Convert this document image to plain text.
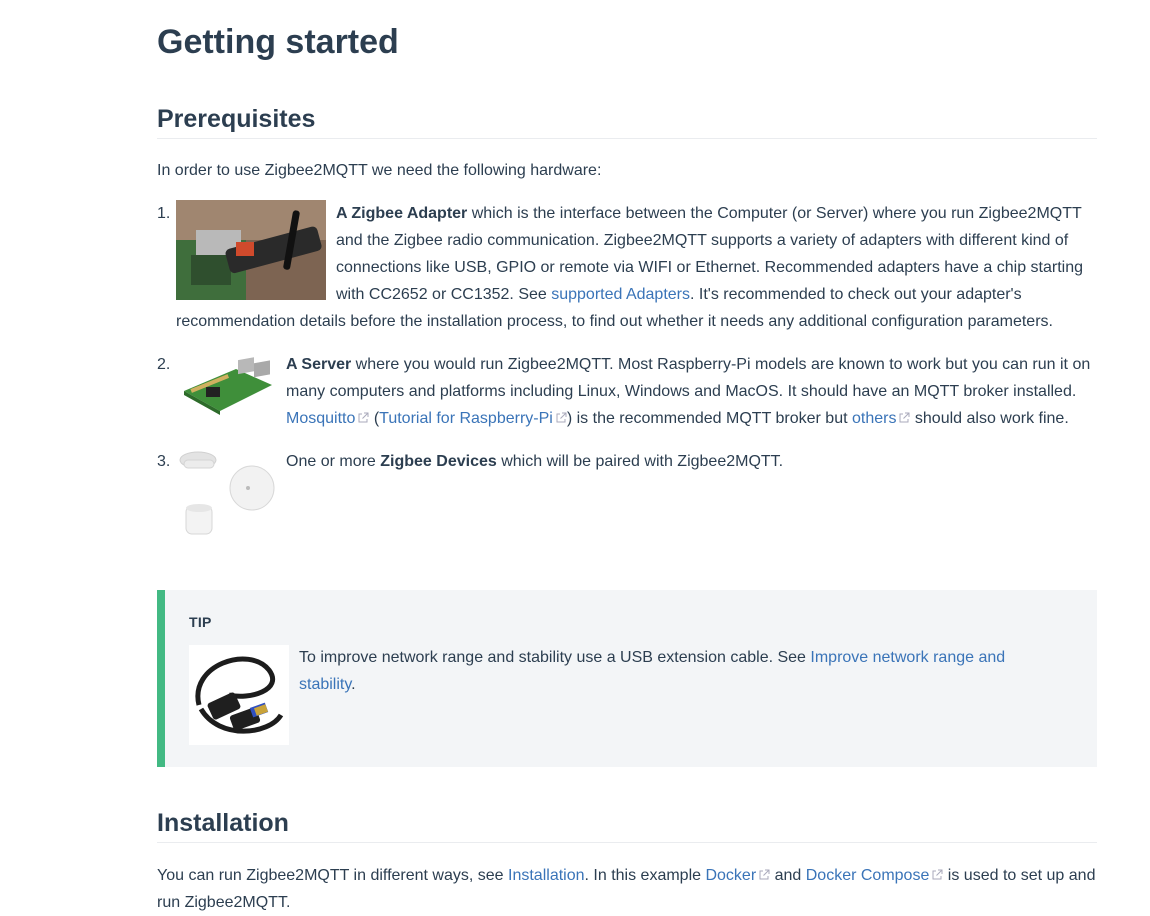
Getting started
Prerequisites

In order to use Zigbee2MQTT we need the following hardware:

1.	A Zigbee Adapter which is the interface between the Computer (or Server) where you run Zigbee2MQTT and the Zigbee radio communication. Zigbee2MQTT supports a variety of adapters with different kind of connections like USB, GPIO or remote via WIFI or Ethernet. Recommended adapters have a chip starting with CC2652 or CC1352. See supported Adapters. It's recommended to check out your adapter's recommendation details before the installation process, to find out whether it needs any additional configuration parameters.

2.	A Server where you would run Zigbee2MQTT. Most Raspberry-Pi models are known to work but you can run it on many computers and platforms including Linux, Windows and MacOS. It should have an MQTT broker installed. Mosquitto (Tutorial for Raspberry-Pi ) is the recommended MQTT broker but others should also work fine.

3.	One or more Zigbee Devices which will be paired with Zigbee2MQTT.

TIP

To improve network range and stability use a USB extension cable. See Improve network range and stability.

Installation

You can run Zigbee2MQTT in different ways, see Installation. In this example Docker and Docker Compose is used to set up and run Zigbee2MQTT.
